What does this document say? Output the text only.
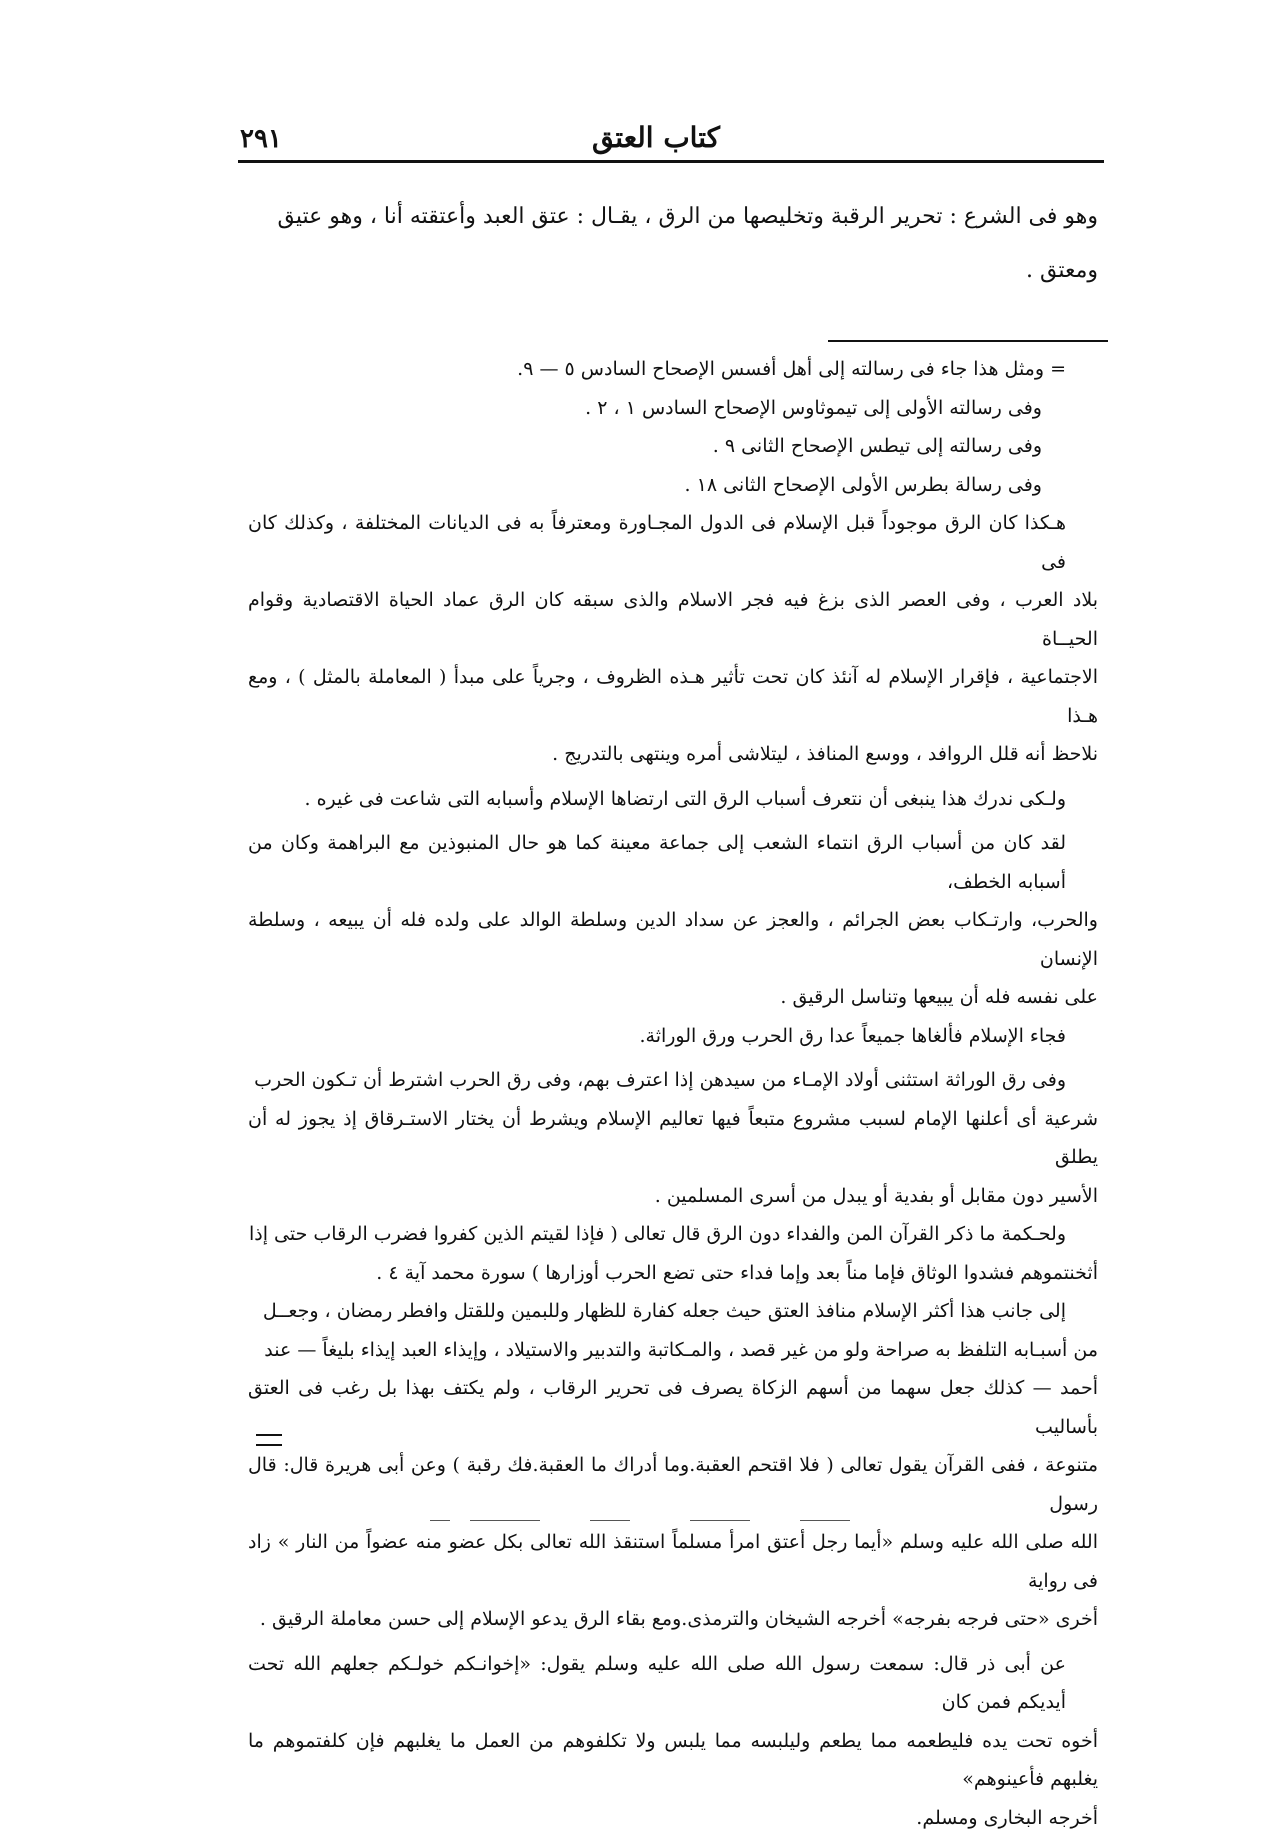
٢٩١	كتاب العتق

وهو فى الشرع : تحرير الرقبة وتخليصها من الرق ، يقـال : عتق العبد وأعتقته أنا ، وهو عتيق

ومعتق .

= ومثل هذا جاء فى رسالته إلى أهل أفسس الإصحاح السادس ٥ — ٩.

وفى رسالته الأولى إلى تيموثاوس الإصحاح السادس ١ ، ٢ .

وفى رسالته إلى تيطس الإصحاح الثانى ٩ .

وفى رسالة بطرس الأولى الإصحاح الثانى ١٨ .

هـكذا كان الرق موجوداً قبل الإسلام فى الدول المجـاورة ومعترفاً به فى الديانات المختلفة ، وكذلك كان فى

بلاد العرب ، وفى العصر الذى بزغ فيه فجر الاسلام والذى سبقه كان الرق عماد الحياة الاقتصادية وقوام الحيــاة

الاجتماعية ، فإقرار الإسلام له آنئذ كان تحت تأثير هـذه الظروف ، وجرياً على مبدأ ( المعاملة بالمثل ) ، ومع هـذا

نلاحظ أنه قلل الروافد ، ووسع المنافذ ، ليتلاشى أمره وينتهى بالتدريج .

ولـكى ندرك هذا ينبغى أن نتعرف أسباب الرق التى ارتضاها الإسلام وأسبابه التى شاعت فى غيره .

لقد كان من أسباب الرق انتماء الشعب إلى جماعة معينة كما هو حال المنبوذين مع البراهمة وكان من أسبابه الخطف،

والحرب، وارتـكاب بعض الجرائم ، والعجز عن سداد الدين وسلطة الوالد على ولده فله أن يبيعه ، وسلطة الإنسان

على نفسه فله أن يبيعها وتناسل الرقيق .

فجاء الإسلام فألغاها جميعاً عدا رق الحرب ورق الوراثة.

وفى رق الوراثة استثنى أولاد الإمـاء من سيدهن إذا اعترف بهم، وفى رق الحرب اشترط أن تـكون الحرب

شرعية أى أعلنها الإمام لسبب مشروع متبعاً فيها تعاليم الإسلام ويشرط أن يختار الاستـرقاق إذ يجوز له أن يطلق

الأسير دون مقابل أو بفدية أو يبدل من أسرى المسلمين .

ولحـكمة ما ذكر القرآن المن والفداء دون الرق قال تعالى ( فإذا لقيتم الذين كفروا فضرب الرقاب حتى إذا

أثخنتموهم فشدوا الوثاق فإما مناً بعد وإما فداء حتى تضع الحرب أوزارها ) سورة محمد آية ٤ .

إلى جانب هذا أكثر الإسلام منافذ العتق حيث جعله كفارة للظهار وللبمين وللقتل وافطر رمضان ، وجعــل

من أسبـابه التلفظ به صراحة ولو من غير قصد ، والمـكاتبة والتدبير والاستيلاد ، وإيذاء العبد إيذاء بليغاً — عند

أحمد — كذلك جعل سهما من أسهم الزكاة يصرف فى تحرير الرقاب ، ولم يكتف بهذا بل رغب فى العتق بأساليب

متنوعة ، ففى القرآن يقول تعالى ( فلا اقتحم العقبة.وما أدراك ما العقبة.فك رقبة ) وعن أبى هريرة قال: قال رسول

الله صلى الله عليه وسلم «أيما رجل أعتق امرأ مسلماً استنقذ الله تعالى بكل عضو منه عضواً من النار » زاد فى رواية

أخرى «حتى فرجه بفرجه» أخرجه الشيخان والترمذى.ومع بقاء الرق يدعو الإسلام إلى حسن معاملة الرقيق .

عن أبى ذر قال: سمعت رسول الله صلى الله عليه وسلم يقول: «إخوانـكم خولـكم جعلهم الله تحت أيديكم فمن كان

أخوه تحت يده فليطعمه مما يطعم وليلبسه مما يلبس ولا تكلفوهم من العمل ما يغلبهم فإن كلفتموهم ما يغلبهم فأعينوهم»

أخرجه البخارى ومسلم.
